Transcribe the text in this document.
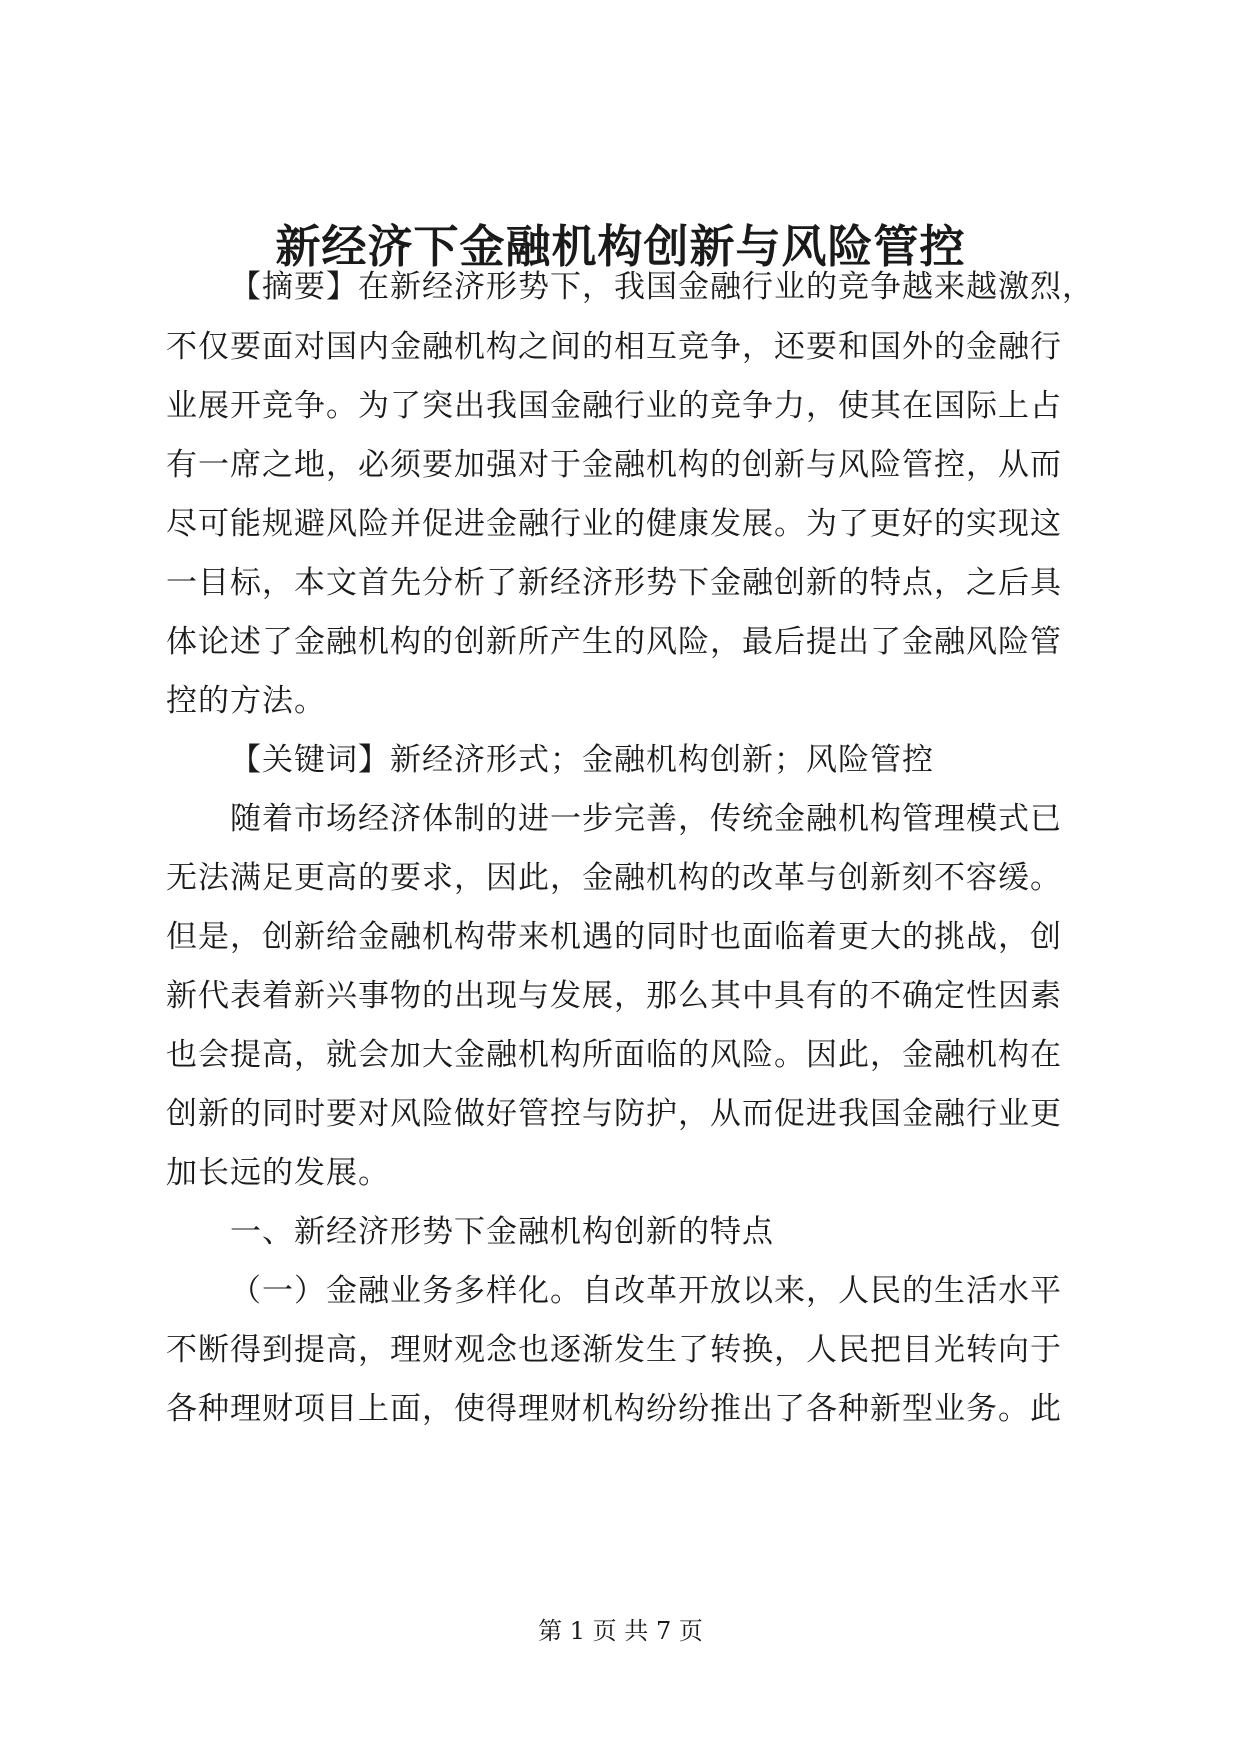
新经济下金融机构创新与风险管控
【摘要】在新经济形势下，我国金融行业的竞争越来越激烈，
不仅要面对国内金融机构之间的相互竞争，还要和国外的金融行
业展开竞争。为了突出我国金融行业的竞争力，使其在国际上占
有一席之地，必须要加强对于金融机构的创新与风险管控，从而
尽可能规避风险并促进金融行业的健康发展。为了更好的实现这
一目标，本文首先分析了新经济形势下金融创新的特点，之后具
体论述了金融机构的创新所产生的风险，最后提出了金融风险管
控的方法。
【关键词】新经济形式；金融机构创新；风险管控
随着市场经济体制的进一步完善，传统金融机构管理模式已
无法满足更高的要求，因此，金融机构的改革与创新刻不容缓。
但是，创新给金融机构带来机遇的同时也面临着更大的挑战，创
新代表着新兴事物的出现与发展，那么其中具有的不确定性因素
也会提高，就会加大金融机构所面临的风险。因此，金融机构在
创新的同时要对风险做好管控与防护，从而促进我国金融行业更
加长远的发展。
一、新经济形势下金融机构创新的特点
（一）金融业务多样化。自改革开放以来，人民的生活水平
不断得到提高，理财观念也逐渐发生了转换，人民把目光转向于
各种理财项目上面，使得理财机构纷纷推出了各种新型业务。此
第 1 页 共 7 页
